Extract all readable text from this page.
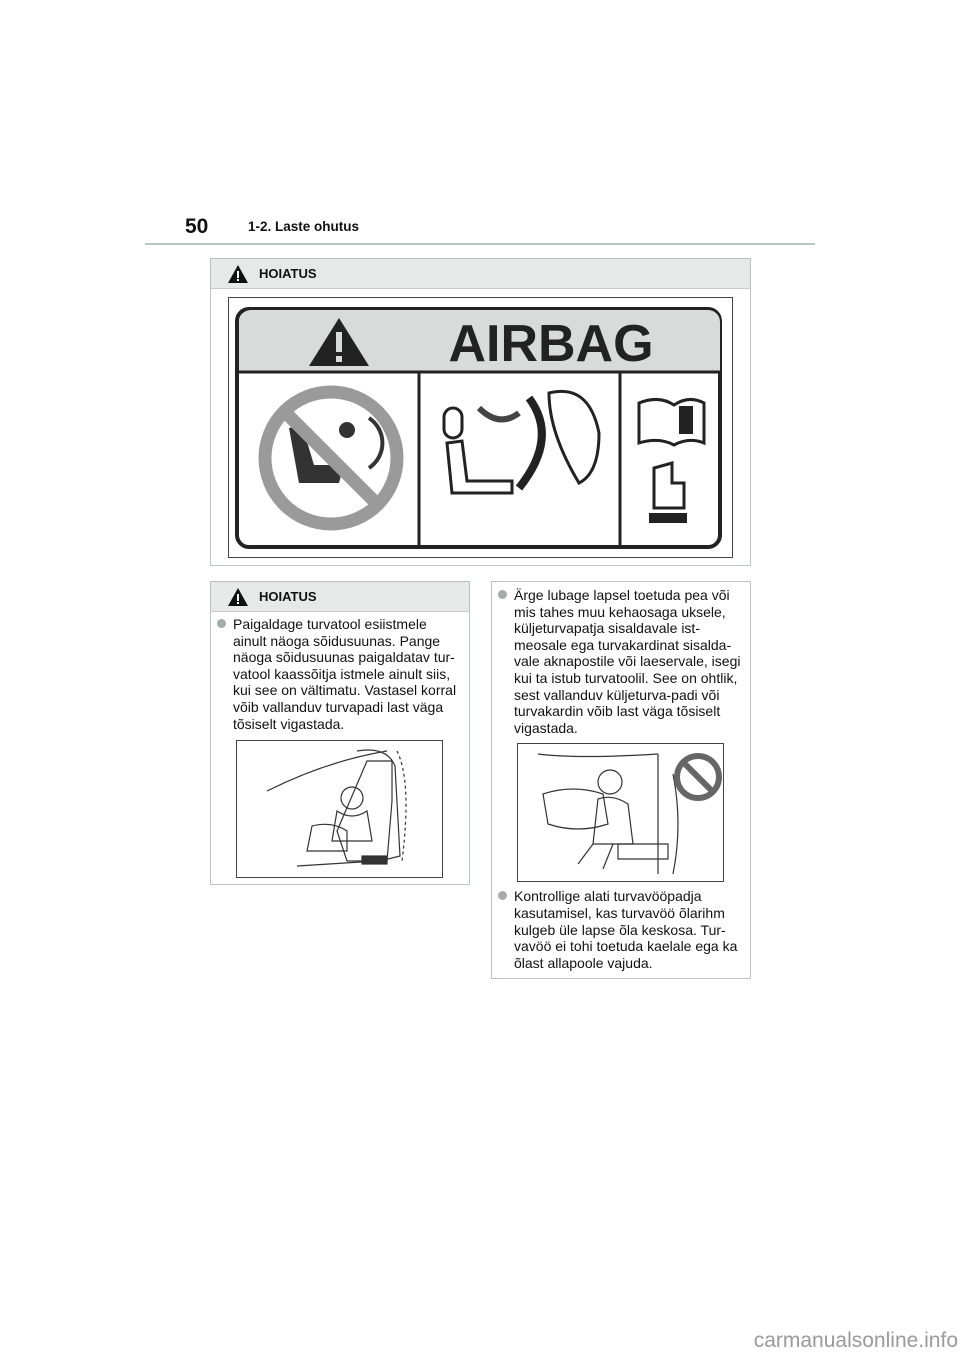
50	1-2. Laste ohutus
HOIATUS
AIRBAG
HOIATUS
Paigaldage turvatool esiistmele ainult näoga sõidusuunas. Pange näoga sõidusuunas paigaldatav tur-vatool kaassõitja istmele ainult siis, kui see on vältimatu. Vastasel korral võib vallanduv turvapadi last väga tõsiselt vigastada.
Ärge lubage lapsel toetuda pea või mis tahes muu kehaosaga uksele, küljeturvapatja sisaldavale ist-meosale ega turvakardinat sisalda-vale aknapostile või laeservale, isegi kui ta istub turvatoolil. See on ohtlik, sest vallanduv küljeturva-padi või turvakardin võib last väga tõsiselt vigastada.
Kontrollige alati turvavööpadja kasutamisel, kas turvavöö õlarihm kulgeb üle lapse õla keskosa. Tur-vavöö ei tohi toetuda kaelale ega ka õlast allapoole vajuda.
carmanualsonline.info
